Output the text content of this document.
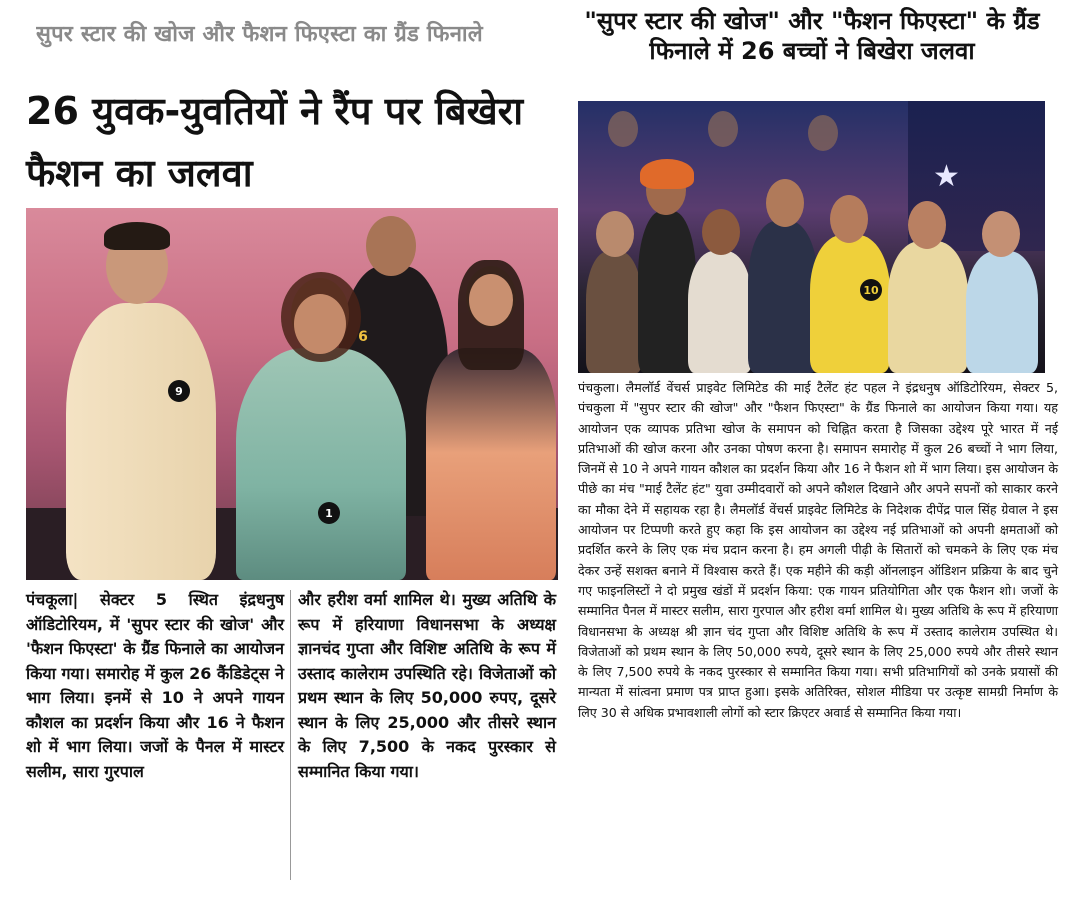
सुपर स्टार की खोज और फैशन फिएस्टा का ग्रैंड फिनाले
26 युवक-युवतियों ने रैंप पर बिखेरा फैशन का जलवा
9
6
1
पंचकूला| सेक्टर 5 स्थित इंद्रधनुष ऑडिटोरियम, में 'सुपर स्टार की खोज' और 'फैशन फिएस्टा' के ग्रैंड फिनाले का आयोजन किया गया। समारोह में कुल 26 कैंडिडेट्स ने भाग लिया। इनमें से 10 ने अपने गायन कौशल का प्रदर्शन किया और 16 ने फैशन शो में भाग लिया। जजों के पैनल में मास्टर सलीम, सारा गुरपाल
और हरीश वर्मा शामिल थे। मुख्य अतिथि के रूप में हरियाणा विधानसभा के अध्यक्ष ज्ञानचंद गुप्ता और विशिष्ट अतिथि के रूप में उस्ताद कालेराम उपस्थिति रहे। विजेताओं को प्रथम स्थान के लिए 50,000 रुपए, दूसरे स्थान के लिए 25,000 और तीसरे स्थान के लिए 7,500 के नकद पुरस्कार से सम्मानित किया गया।
"सुपर स्टार की खोज" और "फैशन फिएस्टा" के ग्रैंड फिनाले में 26 बच्चों ने बिखेरा जलवा
★
10
पंचकुला। लैमलॉर्ड वेंचर्स प्राइवेट लिमिटेड की माई टैलेंट हंट पहल ने इंद्रधनुष ऑडिटोरियम, सेक्टर 5, पंचकुला में "सुपर स्टार की खोज" और "फैशन फिएस्टा" के ग्रैंड फिनाले का आयोजन किया गया। यह आयोजन एक व्यापक प्रतिभा खोज के समापन को चिह्नित करता है जिसका उद्देश्य पूरे भारत में नई प्रतिभाओं की खोज करना और उनका पोषण करना है। समापन समारोह में कुल 26 बच्चों ने भाग लिया, जिनमें से 10 ने अपने गायन कौशल का प्रदर्शन किया और 16 ने फैशन शो में भाग लिया। इस आयोजन के पीछे का मंच "माई टैलेंट हंट" युवा उम्मीदवारों को अपने कौशल दिखाने और अपने सपनों को साकार करने का मौका देने में सहायक रहा है। लैमलॉर्ड वेंचर्स प्राइवेट लिमिटेड के निदेशक दीपेंद्र पाल सिंह ग्रेवाल ने इस आयोजन पर टिप्पणी करते हुए कहा कि इस आयोजन का उद्देश्य नई प्रतिभाओं को अपनी क्षमताओं को प्रदर्शित करने के लिए एक मंच प्रदान करना है। हम अगली पीढ़ी के सितारों को चमकने के लिए एक मंच देकर उन्हें सशक्त बनाने में विश्वास करते हैं। एक महीने की कड़ी ऑनलाइन ऑडिशन प्रक्रिया के बाद चुने गए फाइनलिस्टों ने दो प्रमुख खंडों में प्रदर्शन किया: एक गायन प्रतियोगिता और एक फैशन शो। जजों के सम्मानित पैनल में मास्टर सलीम, सारा गुरपाल और हरीश वर्मा शामिल थे। मुख्य अतिथि के रूप में हरियाणा विधानसभा के अध्यक्ष श्री ज्ञान चंद गुप्ता और विशिष्ट अतिथि के रूप में उस्ताद कालेराम उपस्थित थे। विजेताओं को प्रथम स्थान के लिए 50,000 रुपये, दूसरे स्थान के लिए 25,000 रुपये और तीसरे स्थान के लिए 7,500 रुपये के नकद पुरस्कार से सम्मानित किया गया। सभी प्रतिभागियों को उनके प्रयासों की मान्यता में सांत्वना प्रमाण पत्र प्राप्त हुआ। इसके अतिरिक्त, सोशल मीडिया पर उत्कृष्ट सामग्री निर्माण के लिए 30 से अधिक प्रभावशाली लोगों को स्टार क्रिएटर अवार्ड से सम्मानित किया गया।
